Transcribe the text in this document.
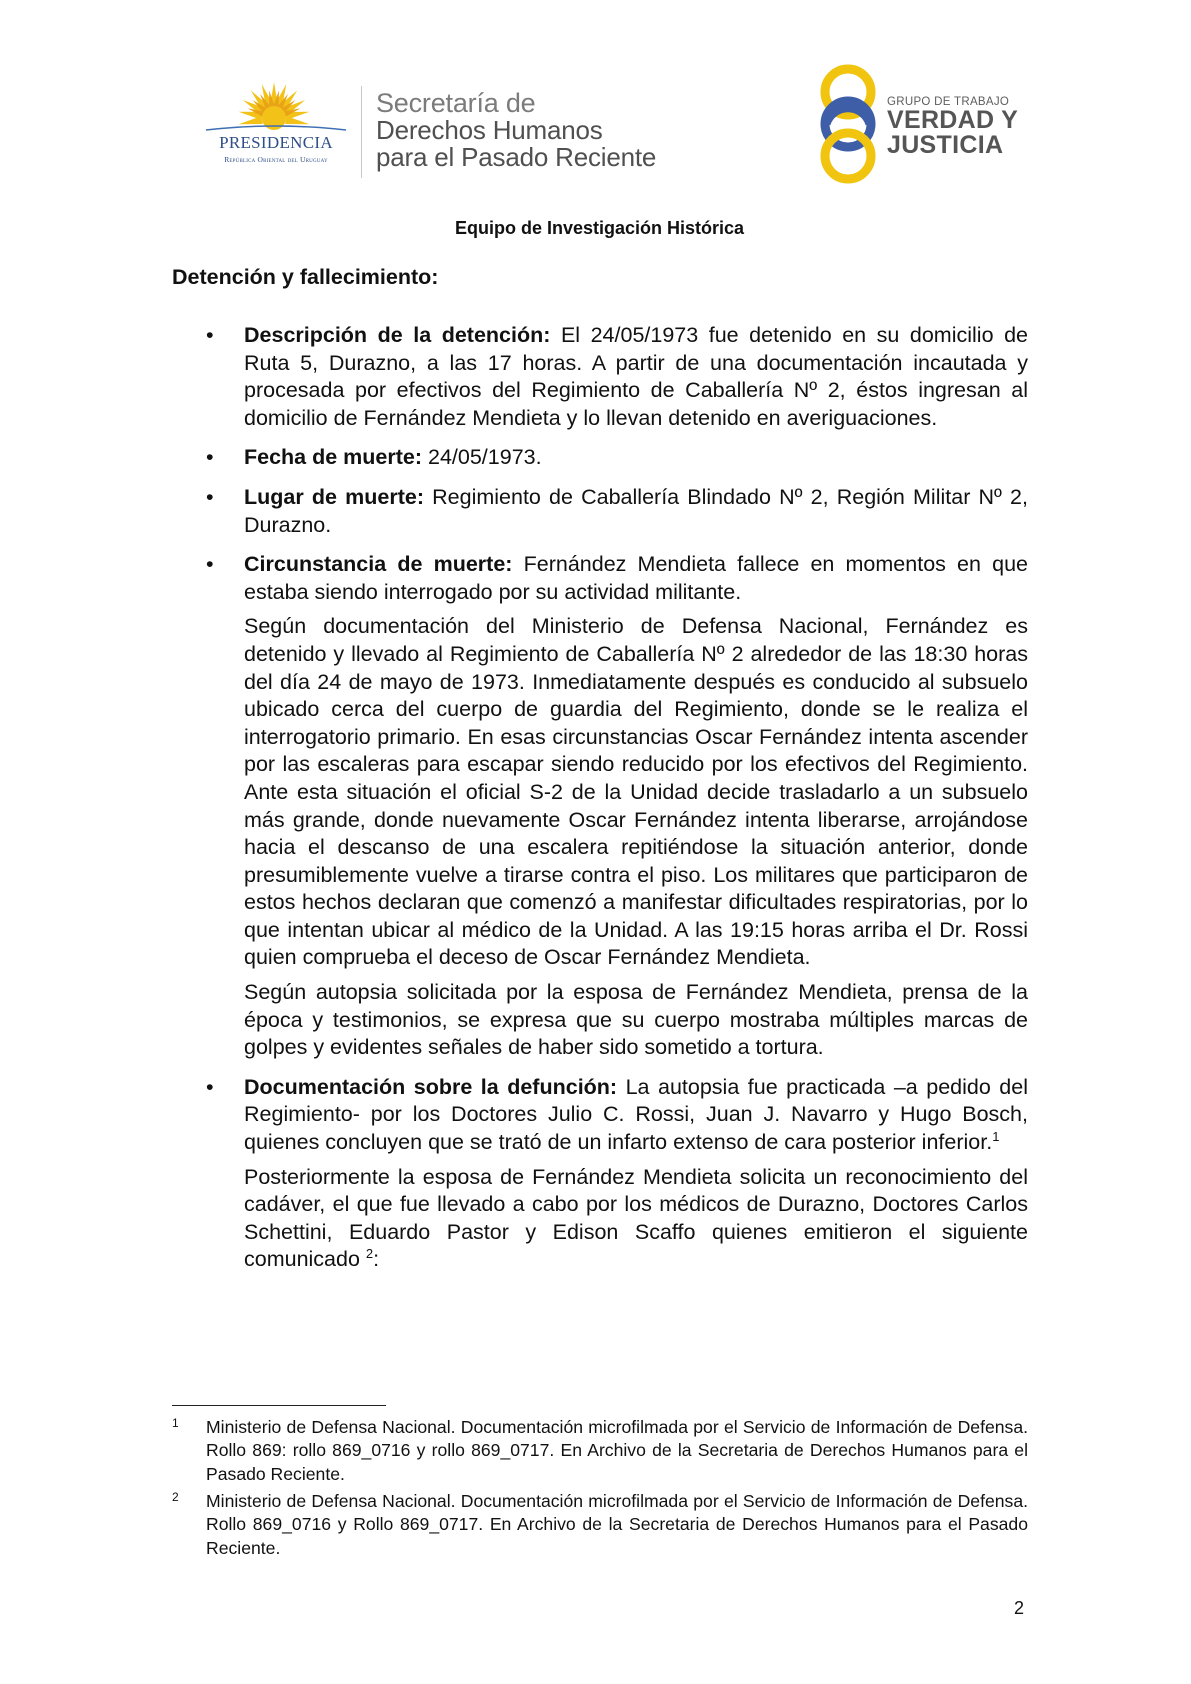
PRESIDENCIA
República Oriental del Uruguay
Secretaría de
Derechos Humanos
para el Pasado Reciente
GRUPO DE TRABAJO
VERDAD Y
JUSTICIA
Equipo de Investigación Histórica
Detención y fallecimiento:
• Descripción de la detención: El 24/05/1973 fue detenido en su domicilio de Ruta 5, Durazno, a las 17 horas. A partir de una documentación incautada y procesada por efectivos del Regimiento de Caballería Nº 2, éstos ingresan al domicilio de Fernández Mendieta y lo llevan detenido en averiguaciones.
• Fecha de muerte: 24/05/1973.
• Lugar de muerte: Regimiento de Caballería Blindado Nº 2, Región Militar Nº 2, Durazno.
• Circunstancia de muerte: Fernández Mendieta fallece en momentos en que estaba siendo interrogado por su actividad militante.
Según documentación del Ministerio de Defensa Nacional, Fernández es detenido y llevado al Regimiento de Caballería Nº 2 alrededor de las 18:30 horas del día 24 de mayo de 1973. Inmediatamente después es conducido al subsuelo ubicado cerca del cuerpo de guardia del Regimiento, donde se le realiza el interrogatorio primario. En esas circunstancias Oscar Fernández intenta ascender por las escaleras para escapar siendo reducido por los efectivos del Regimiento. Ante esta situación el oficial S-2 de la Unidad decide trasladarlo a un subsuelo más grande, donde nuevamente Oscar Fernández intenta liberarse, arrojándose hacia el descanso de una escalera repitiéndose la situación anterior, donde presumiblemente vuelve a tirarse contra el piso. Los militares que participaron de estos hechos declaran que comenzó a manifestar dificultades respiratorias, por lo que intentan ubicar al médico de la Unidad. A las 19:15 horas arriba el Dr. Rossi quien comprueba el deceso de Oscar Fernández Mendieta.
Según autopsia solicitada por la esposa de Fernández Mendieta, prensa de la época y testimonios, se expresa que su cuerpo mostraba múltiples marcas de golpes y evidentes señales de haber sido sometido a tortura.
• Documentación sobre la defunción: La autopsia fue practicada –a pedido del Regimiento- por los Doctores Julio C. Rossi, Juan J. Navarro y Hugo Bosch, quienes concluyen que se trató de un infarto extenso de cara posterior inferior.$^1$
Posteriormente la esposa de Fernández Mendieta solicita un reconocimiento del cadáver, el que fue llevado a cabo por los médicos de Durazno, Doctores Carlos Schettini, Eduardo Pastor y Edison Scaffo quienes emitieron el siguiente comunicado $^2$:
1 Ministerio de Defensa Nacional. Documentación microfilmada por el Servicio de Información de Defensa. Rollo 869: rollo 869_0716 y rollo 869_0717. En Archivo de la Secretaria de Derechos Humanos para el Pasado Reciente.
2 Ministerio de Defensa Nacional. Documentación microfilmada por el Servicio de Información de Defensa. Rollo 869_0716 y Rollo 869_0717. En Archivo de la Secretaria de Derechos Humanos para el Pasado Reciente.
2
